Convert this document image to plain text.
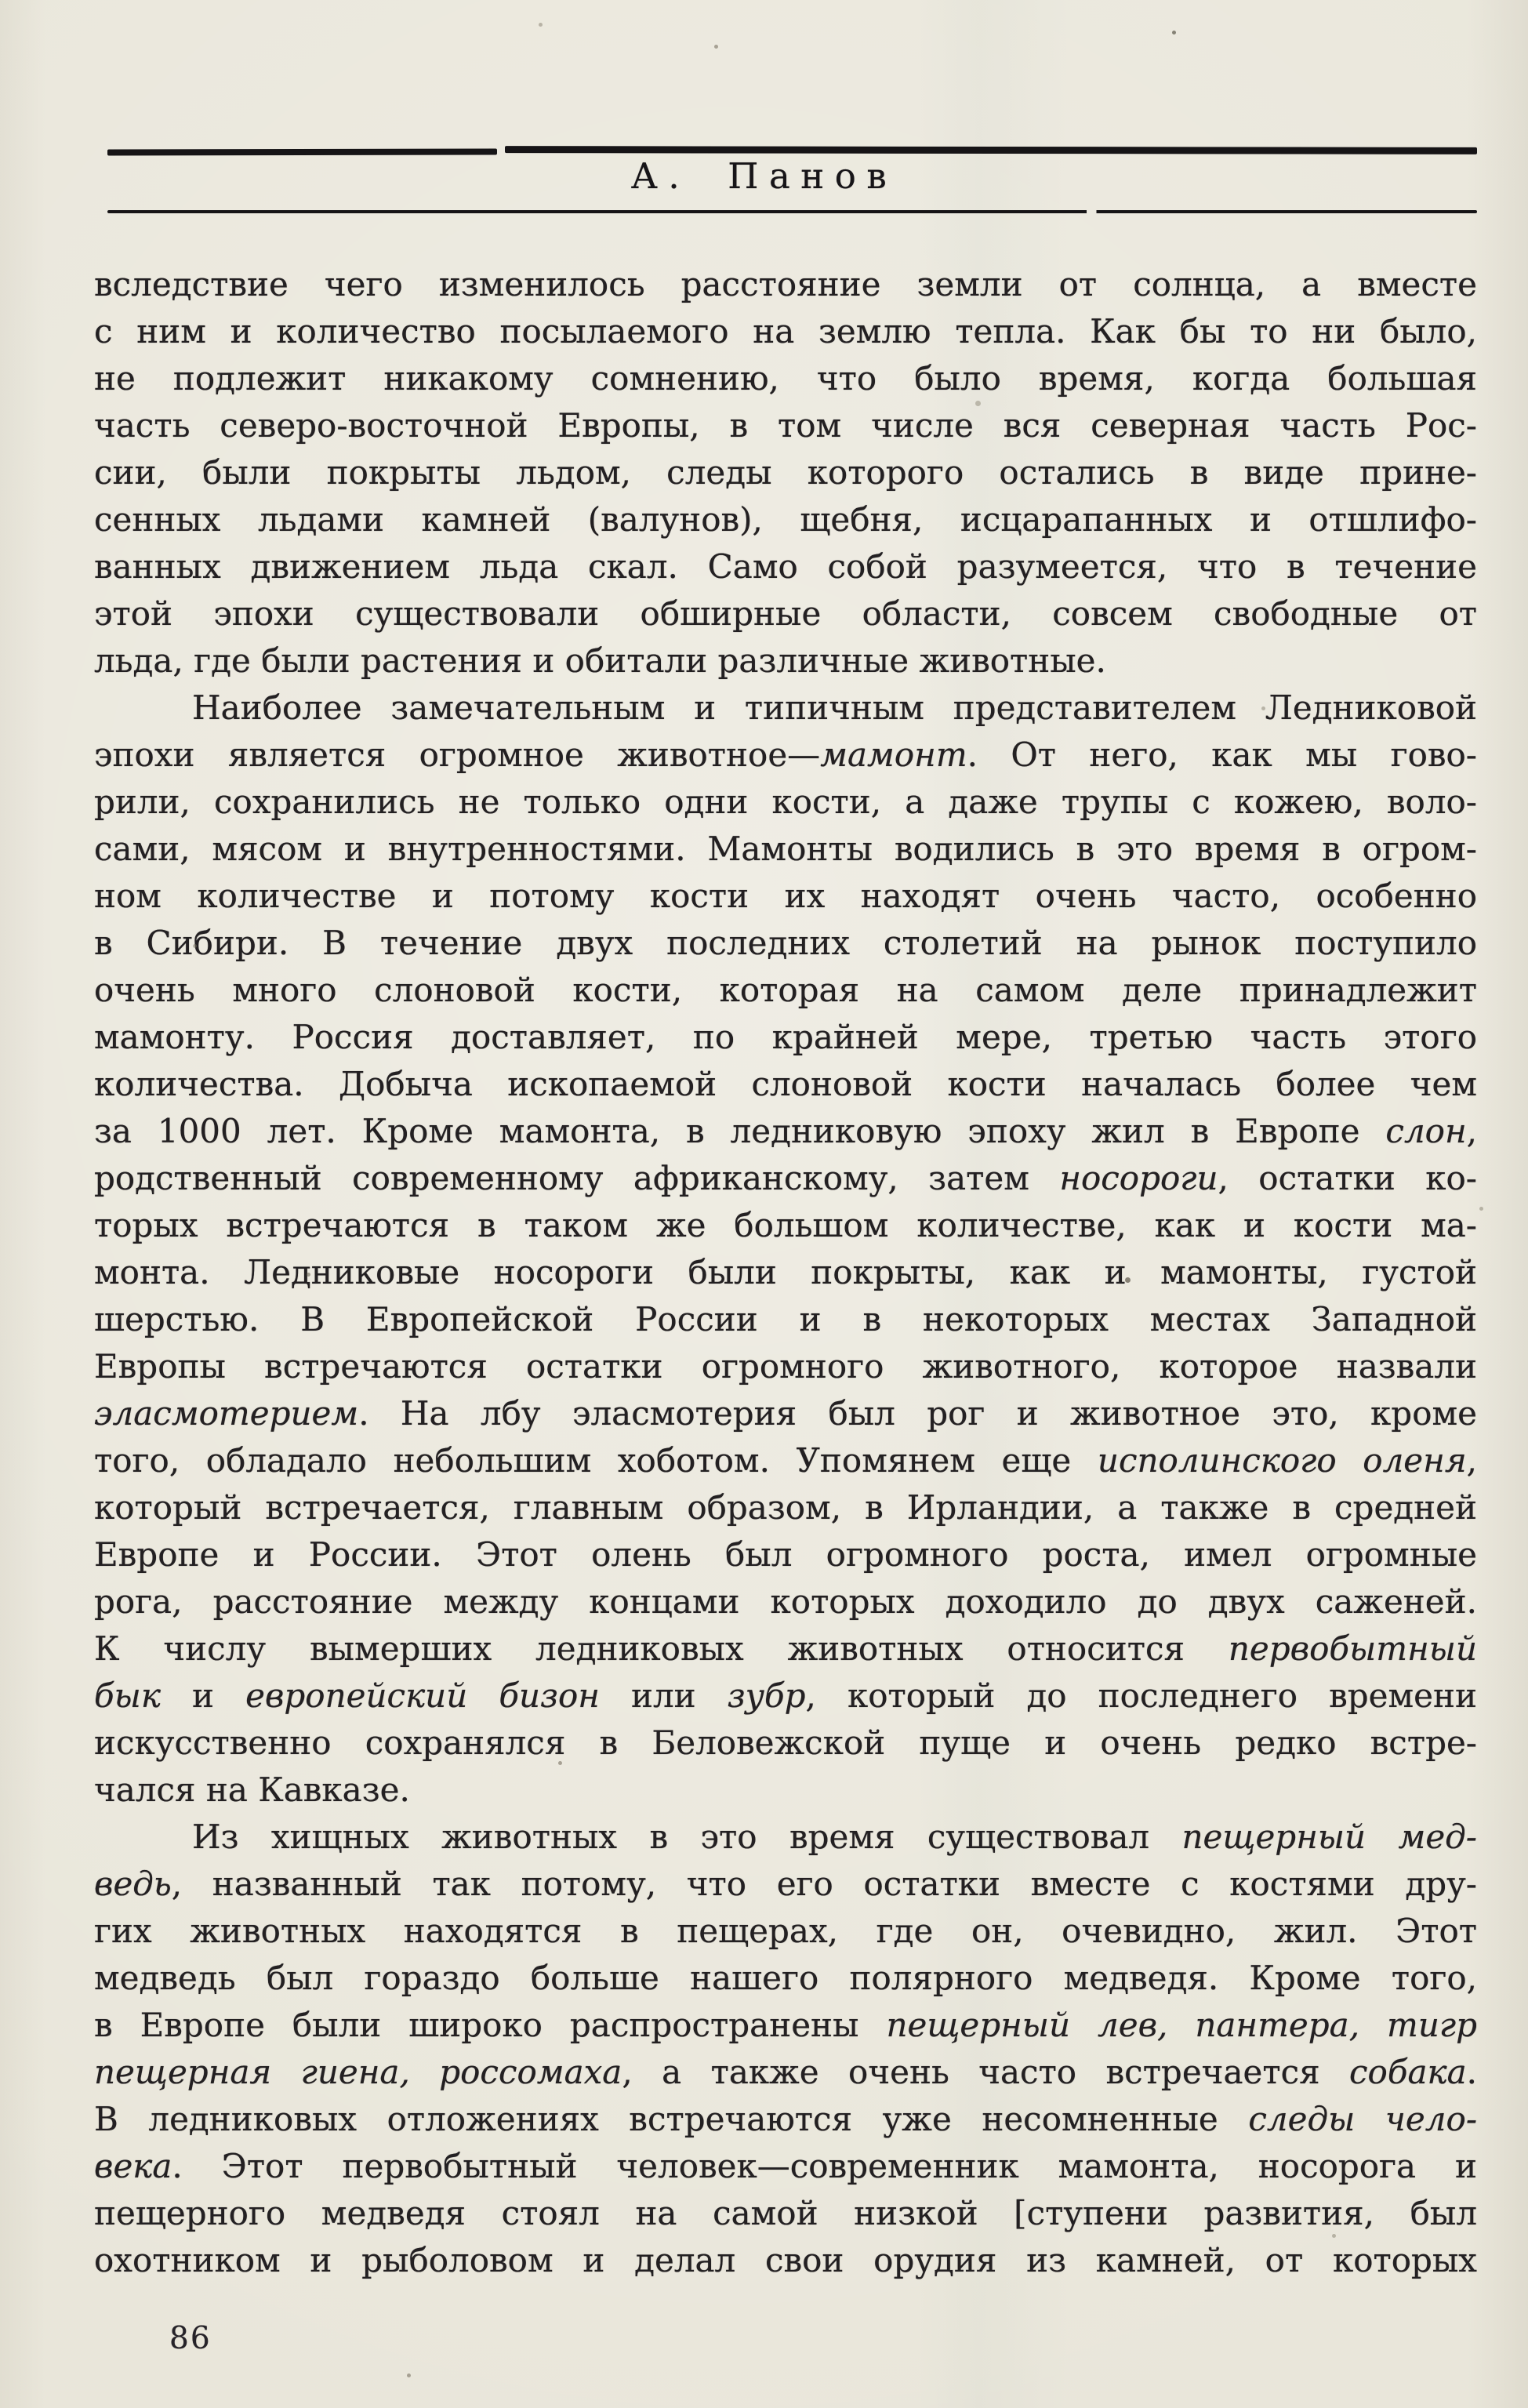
А. Панов
вследствие чего изменилось расстояние земли от солнца, а вместе
с ним и количество посылаемого на землю тепла. Как бы то ни было,
не подлежит никакому сомнению, что было время, когда большая
часть северо-восточной Европы, в том числе вся северная часть Рос-
сии, были покрыты льдом, следы которого остались в виде прине-
сенных льдами камней (валунов), щебня, исцарапанных и отшлифо-
ванных движением льда скал. Само собой разумеется, что в течение
этой эпохи существовали обширные области, совсем свободные от
льда, где были растения и обитали различные животные.
Наиболее замечательным и типичным представителем Ледниковой
эпохи является огромное животное—мамонт. От него, как мы гово-
рили, сохранились не только одни кости, а даже трупы с кожею, воло-
сами, мясом и внутренностями. Мамонты водились в это время в огром-
ном количестве и потому кости их находят очень часто, особенно
в Сибири. В течение двух последних столетий на рынок поступило
очень много слоновой кости, которая на самом деле принадлежит
мамонту. Россия доставляет, по крайней мере, третью часть этого
количества. Добыча ископаемой слоновой кости началась более чем
за 1000 лет. Кроме мамонта, в ледниковую эпоху жил в Европе слон,
родственный современному африканскому, затем носороги, остатки ко-
торых встречаются в таком же большом количестве, как и кости ма-
монта. Ледниковые носороги были покрыты, как и мамонты, густой
шерстью. В Европейской России и в некоторых местах Западной
Европы встречаются остатки огромного животного, которое назвали
эласмотерием. На лбу эласмотерия был рог и животное это, кроме
того, обладало небольшим хоботом. Упомянем еще исполинского оленя,
который встречается, главным образом, в Ирландии, а также в средней
Европе и России. Этот олень был огромного роста, имел огромные
рога, расстояние между концами которых доходило до двух саженей.
К числу вымерших ледниковых животных относится первобытный
бык и европейский бизон или зубр, который до последнего времени
искусственно сохранялся в Беловежской пуще и очень редко встре-
чался на Кавказе.
Из хищных животных в это время существовал пещерный мед-
ведь, названный так потому, что его остатки вместе с костями дру-
гих животных находятся в пещерах, где он, очевидно, жил. Этот
медведь был гораздо больше нашего полярного медведя. Кроме того,
в Европе были широко распространены пещерный лев, пантера, тигр
пещерная гиена, россомаха, а также очень часто встречается собака.
В ледниковых отложениях встречаются уже несомненные следы чело-
века. Этот первобытный человек—современник мамонта, носорога и
пещерного медведя стоял на самой низкой [ступени развития, был
охотником и рыболовом и делал свои орудия из камней, от которых
86
